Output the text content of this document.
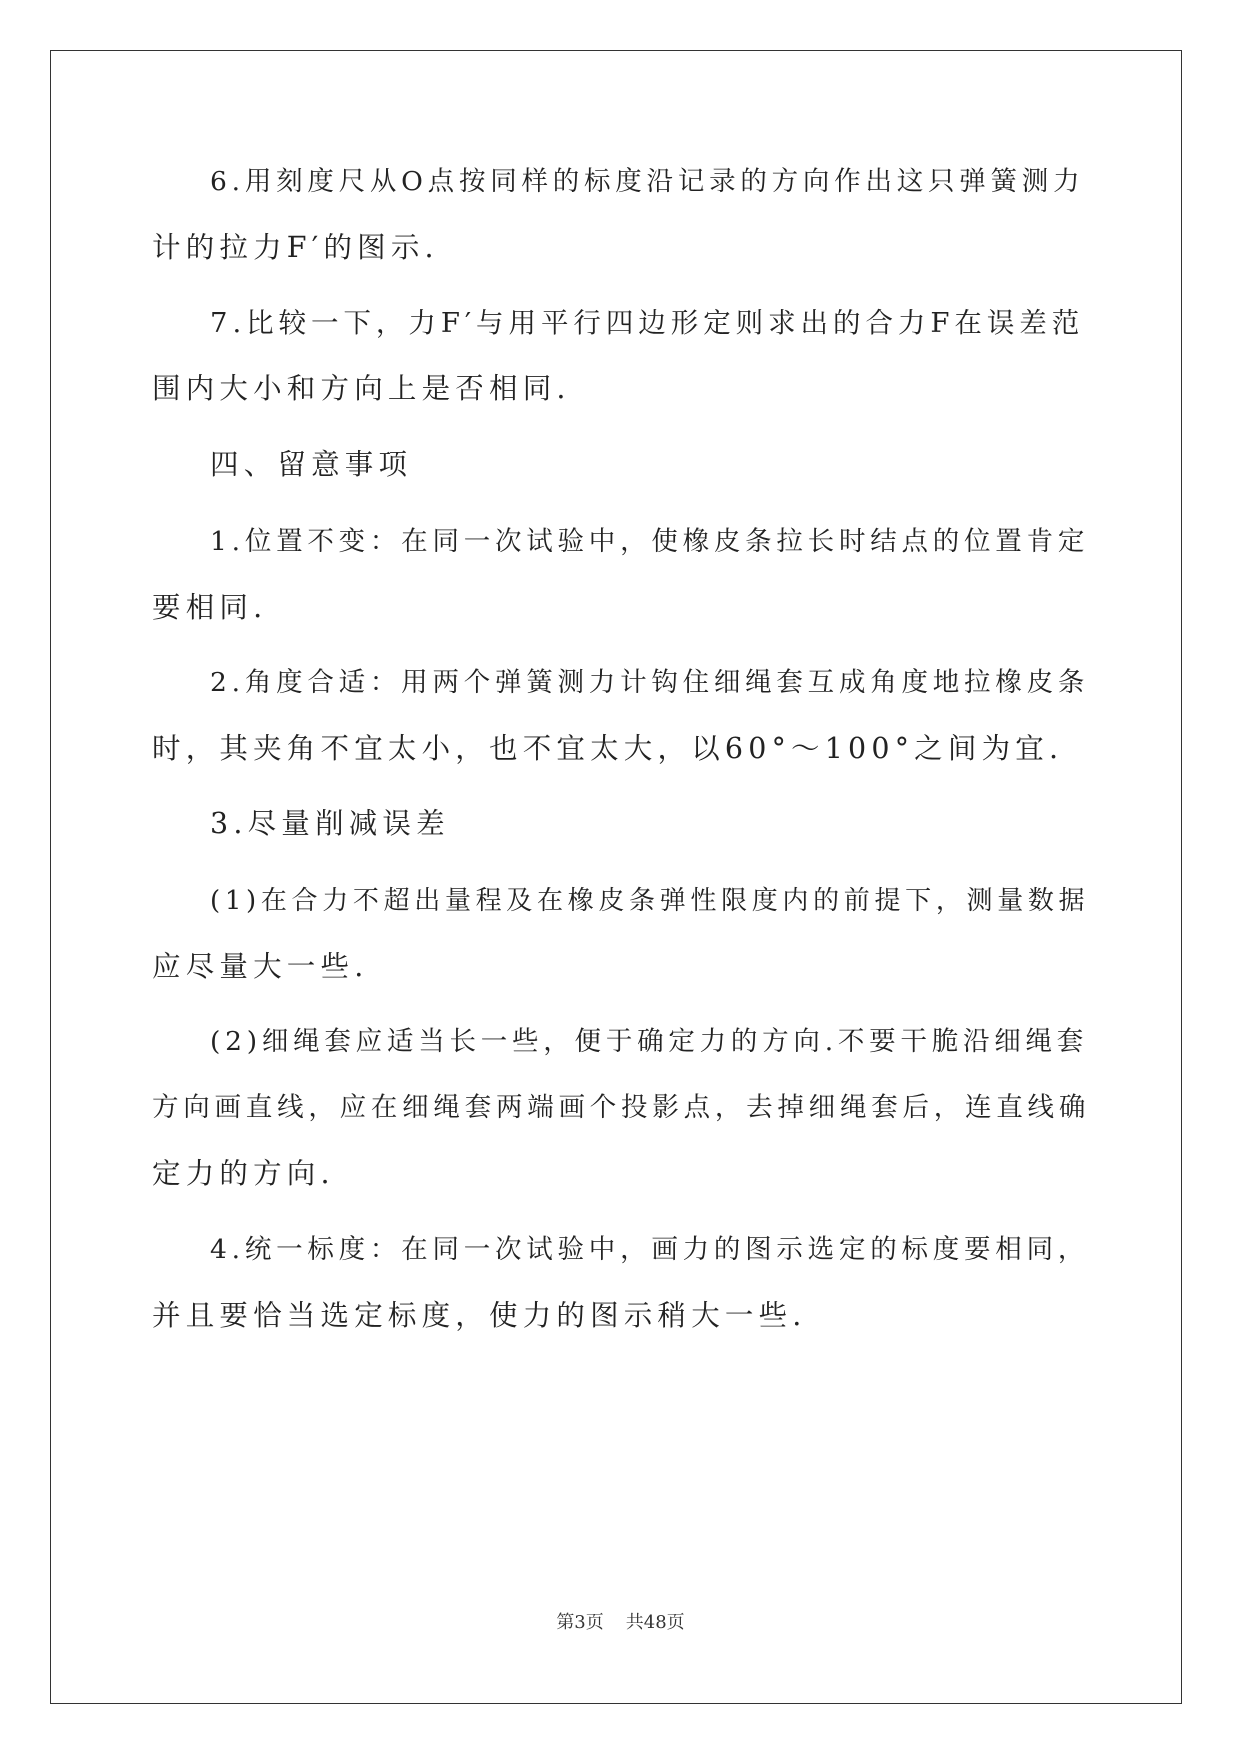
6.用刻度尺从O点按同样的标度沿记录的方向作出这只弹簧测力
计的拉力F′的图示.
7.比较一下，力F′与用平行四边形定则求出的合力F在误差范
围内大小和方向上是否相同.
四、留意事项
1.位置不变：在同一次试验中，使橡皮条拉长时结点的位置肯定
要相同.
2.角度合适：用两个弹簧测力计钩住细绳套互成角度地拉橡皮条
时，其夹角不宜太小，也不宜太大，以60°～100°之间为宜.
3.尽量削减误差
(1)在合力不超出量程及在橡皮条弹性限度内的前提下，测量数据
应尽量大一些.
(2)细绳套应适当长一些，便于确定力的方向.不要干脆沿细绳套
方向画直线，应在细绳套两端画个投影点，去掉细绳套后，连直线确
定力的方向.
4.统一标度：在同一次试验中，画力的图示选定的标度要相同，
并且要恰当选定标度，使力的图示稍大一些.
第3页 共48页
